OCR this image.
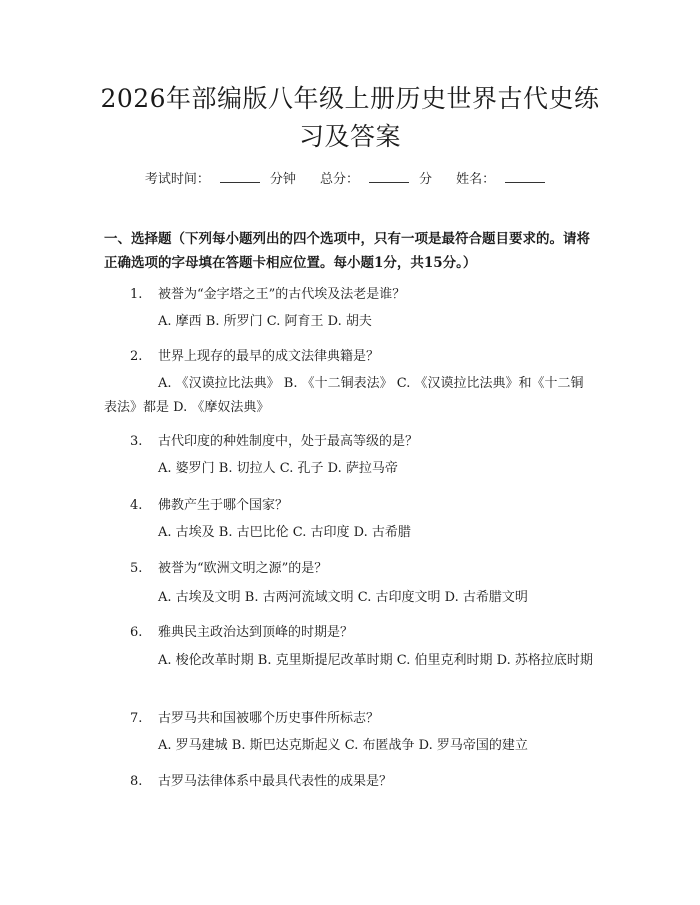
2026年部编版八年级上册历史世界古代史练习及答案
考试时间：	分钟 总分：	分 姓名：
一、选择题（下列每小题列出的四个选项中，只有一项是最符合题目要求的。请将正确选项的字母填在答题卡相应位置。每小题1分，共15分。）
1. 被誉为“金字塔之王”的古代埃及法老是谁？
A. 摩西 B. 所罗门 C. 阿育王 D. 胡夫
2. 世界上现存的最早的成文法律典籍是？
A. 《汉谟拉比法典》 B. 《十二铜表法》 C. 《汉谟拉比法典》和《十二铜表法》都是 D. 《摩奴法典》
3. 古代印度的种姓制度中，处于最高等级的是？
A. 婆罗门 B. 切拉人 C. 孔子 D. 萨拉马帝
4. 佛教产生于哪个国家？
A. 古埃及 B. 古巴比伦 C. 古印度 D. 古希腊
5. 被誉为“欧洲文明之源”的是？
A. 古埃及文明 B. 古两河流域文明 C. 古印度文明 D. 古希腊文明
6. 雅典民主政治达到顶峰的时期是？
A. 梭伦改革时期 B. 克里斯提尼改革时期 C. 伯里克利时期 D. 苏格拉底时期
7. 古罗马共和国被哪个历史事件所标志？
A. 罗马建城 B. 斯巴达克斯起义 C. 布匿战争 D. 罗马帝国的建立
8. 古罗马法律体系中最具代表性的成果是？
